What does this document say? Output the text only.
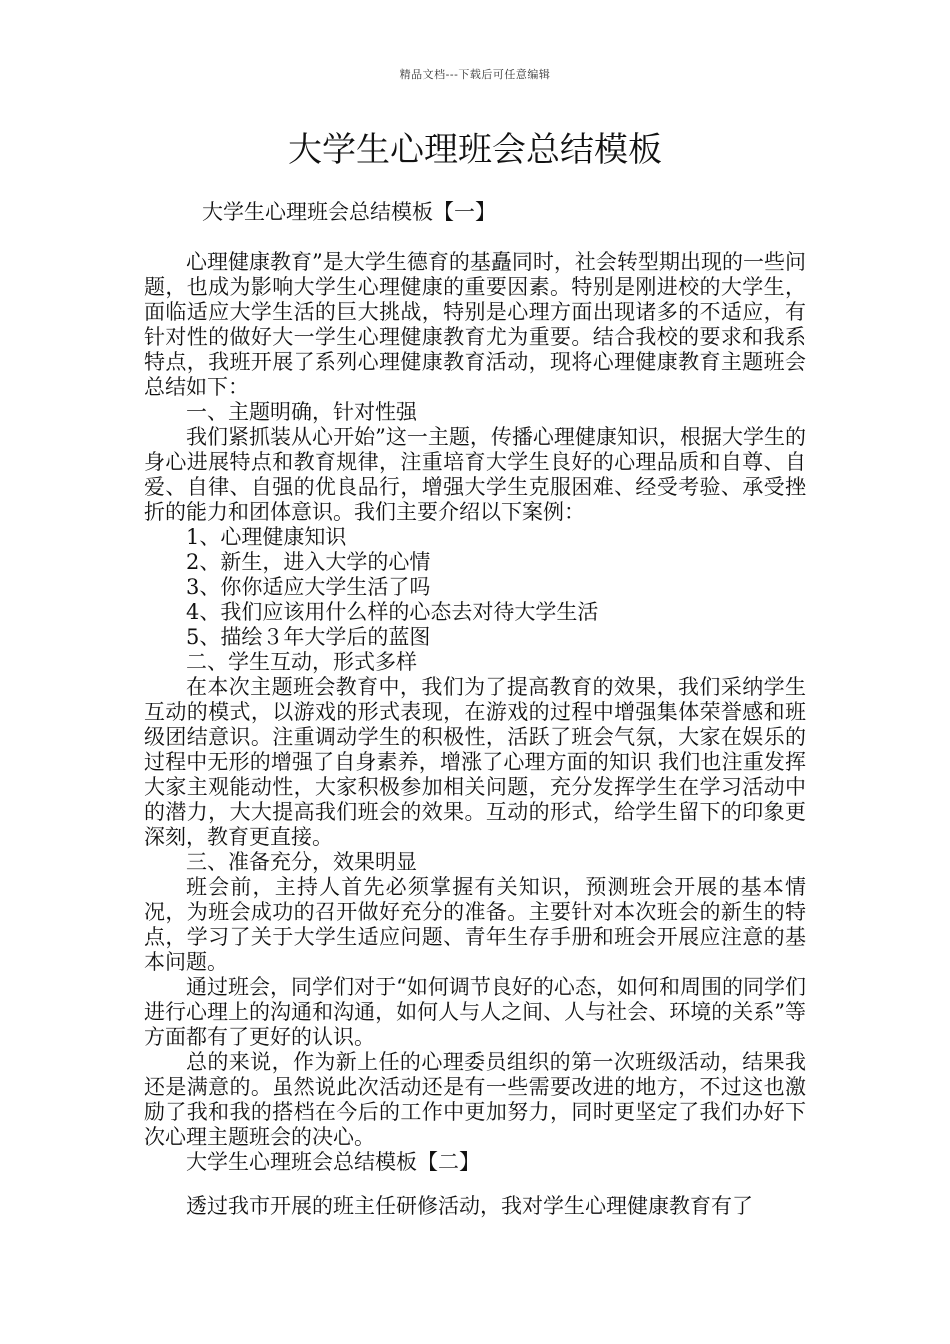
精品文档---下载后可任意编辑
大学生心理班会总结模板
大学生心理班会总结模板【一】

心理健康教育”是大学生德育的基矗同时，社会转型期出现的一些问题，也成为影响大学生心理健康的重要因素。特别是刚进校的大学生，面临适应大学生活的巨大挑战，特别是心理方面出现诸多的不适应，有针对性的做好大一学生心理健康教育尤为重要。结合我校的要求和我系特点，我班开展了系列心理健康教育活动，现将心理健康教育主题班会总结如下：

一、主题明确，针对性强

我们紧抓装从心开始”这一主题，传播心理健康知识，根据大学生的身心进展特点和教育规律，注重培育大学生良好的心理品质和自尊、自爱、自律、自强的优良品行，增强大学生克服困难、经受考验、承受挫折的能力和团体意识。我们主要介绍以下案例：

1、心理健康知识

2、新生，进入大学的心情

3、你你适应大学生活了吗

4、我们应该用什么样的心态去对待大学生活

5、描绘３年大学后的蓝图

二、学生互动，形式多样

在本次主题班会教育中，我们为了提高教育的效果，我们采纳学生互动的模式，以游戏的形式表现，在游戏的过程中增强集体荣誉感和班级团结意识。注重调动学生的积极性，活跃了班会气氛，大家在娱乐的过程中无形的增强了自身素养，增涨了心理方面的知识 我们也注重发挥大家主观能动性，大家积极参加相关问题，充分发挥学生在学习活动中的潜力，大大提高我们班会的效果。互动的形式，给学生留下的印象更深刻，教育更直接。

三、准备充分，效果明显

班会前，主持人首先必须掌握有关知识，预测班会开展的基本情况，为班会成功的召开做好充分的准备。主要针对本次班会的新生的特点，学习了关于大学生适应问题、青年生存手册和班会开展应注意的基本问题。

通过班会，同学们对于“如何调节良好的心态，如何和周围的同学们进行心理上的沟通和沟通，如何人与人之间、人与社会、环境的关系”等方面都有了更好的认识。

总的来说，作为新上任的心理委员组织的第一次班级活动，结果我还是满意的。虽然说此次活动还是有一些需要改进的地方，不过这也激励了我和我的搭档在今后的工作中更加努力，同时更坚定了我们办好下次心理主题班会的决心。

大学生心理班会总结模板【二】

透过我市开展的班主任研修活动，我对学生心理健康教育有了
